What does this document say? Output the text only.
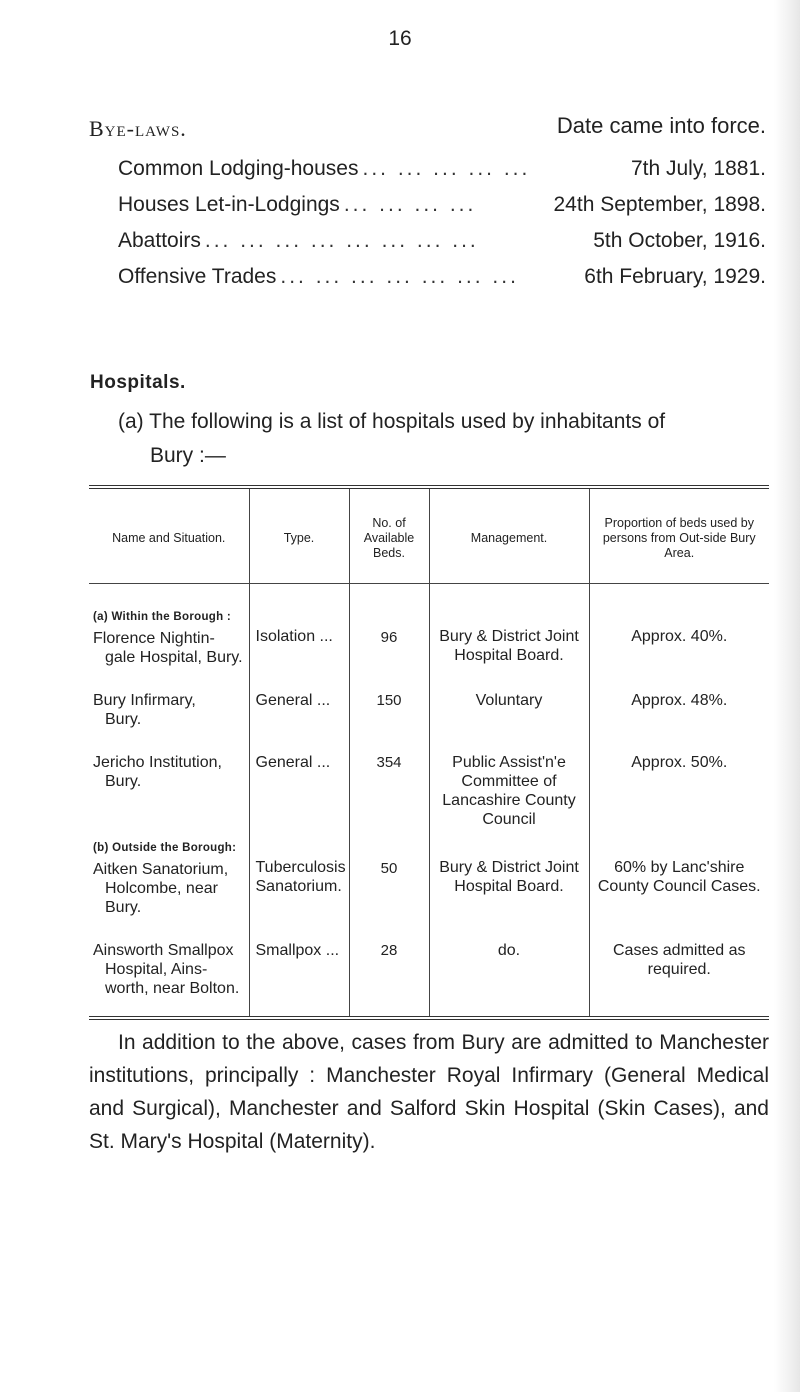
16
Bye-laws.	Date came into force.
Common Lodging-houses ... ... ... ... ...	7th July, 1881.
Houses Let-in-Lodgings ... ... ... ...	24th September, 1898.
Abattoirs ... ... ... ... ... ... ... ...	5th October, 1916.
Offensive Trades ... ... ... ... ... ... ...	6th February, 1929.
Hospitals.
(a) The following is a list of hospitals used by inhabitants of
Bury :—
Name and Situation.	Type.	No. of Available Beds.	Management.	Proportion of beds used by persons from Out-side Bury Area.

(a) Within the Borough :
Florence Nightin-
gale Hospital, Bury.	Isolation ...	96	Bury & District Joint Hospital Board.	Approx. 40%.
Bury Infirmary,
Bury.	General ...	150	Voluntary	Approx. 48%.
Jericho Institution,
Bury.	General ...	354	Public Assist'n'e Committee of Lancashire County Council	Approx. 50%.

(b) Outside the Borough:
Aitken Sanatorium,
Holcombe, near Bury.	Tuberculosis Sanatorium.	50	Bury & District Joint Hospital Board.	60% by Lanc'shire County Council Cases.
Ainsworth Smallpox
Hospital, Ains-worth, near Bolton.	Smallpox ...	28	do.	Cases admitted as required.
In addition to the above, cases from Bury are admitted to Manchester institutions, principally : Manchester Royal Infirmary (General Medical and Surgical), Manchester and Salford Skin Hospital (Skin Cases), and St. Mary's Hospital (Maternity).
